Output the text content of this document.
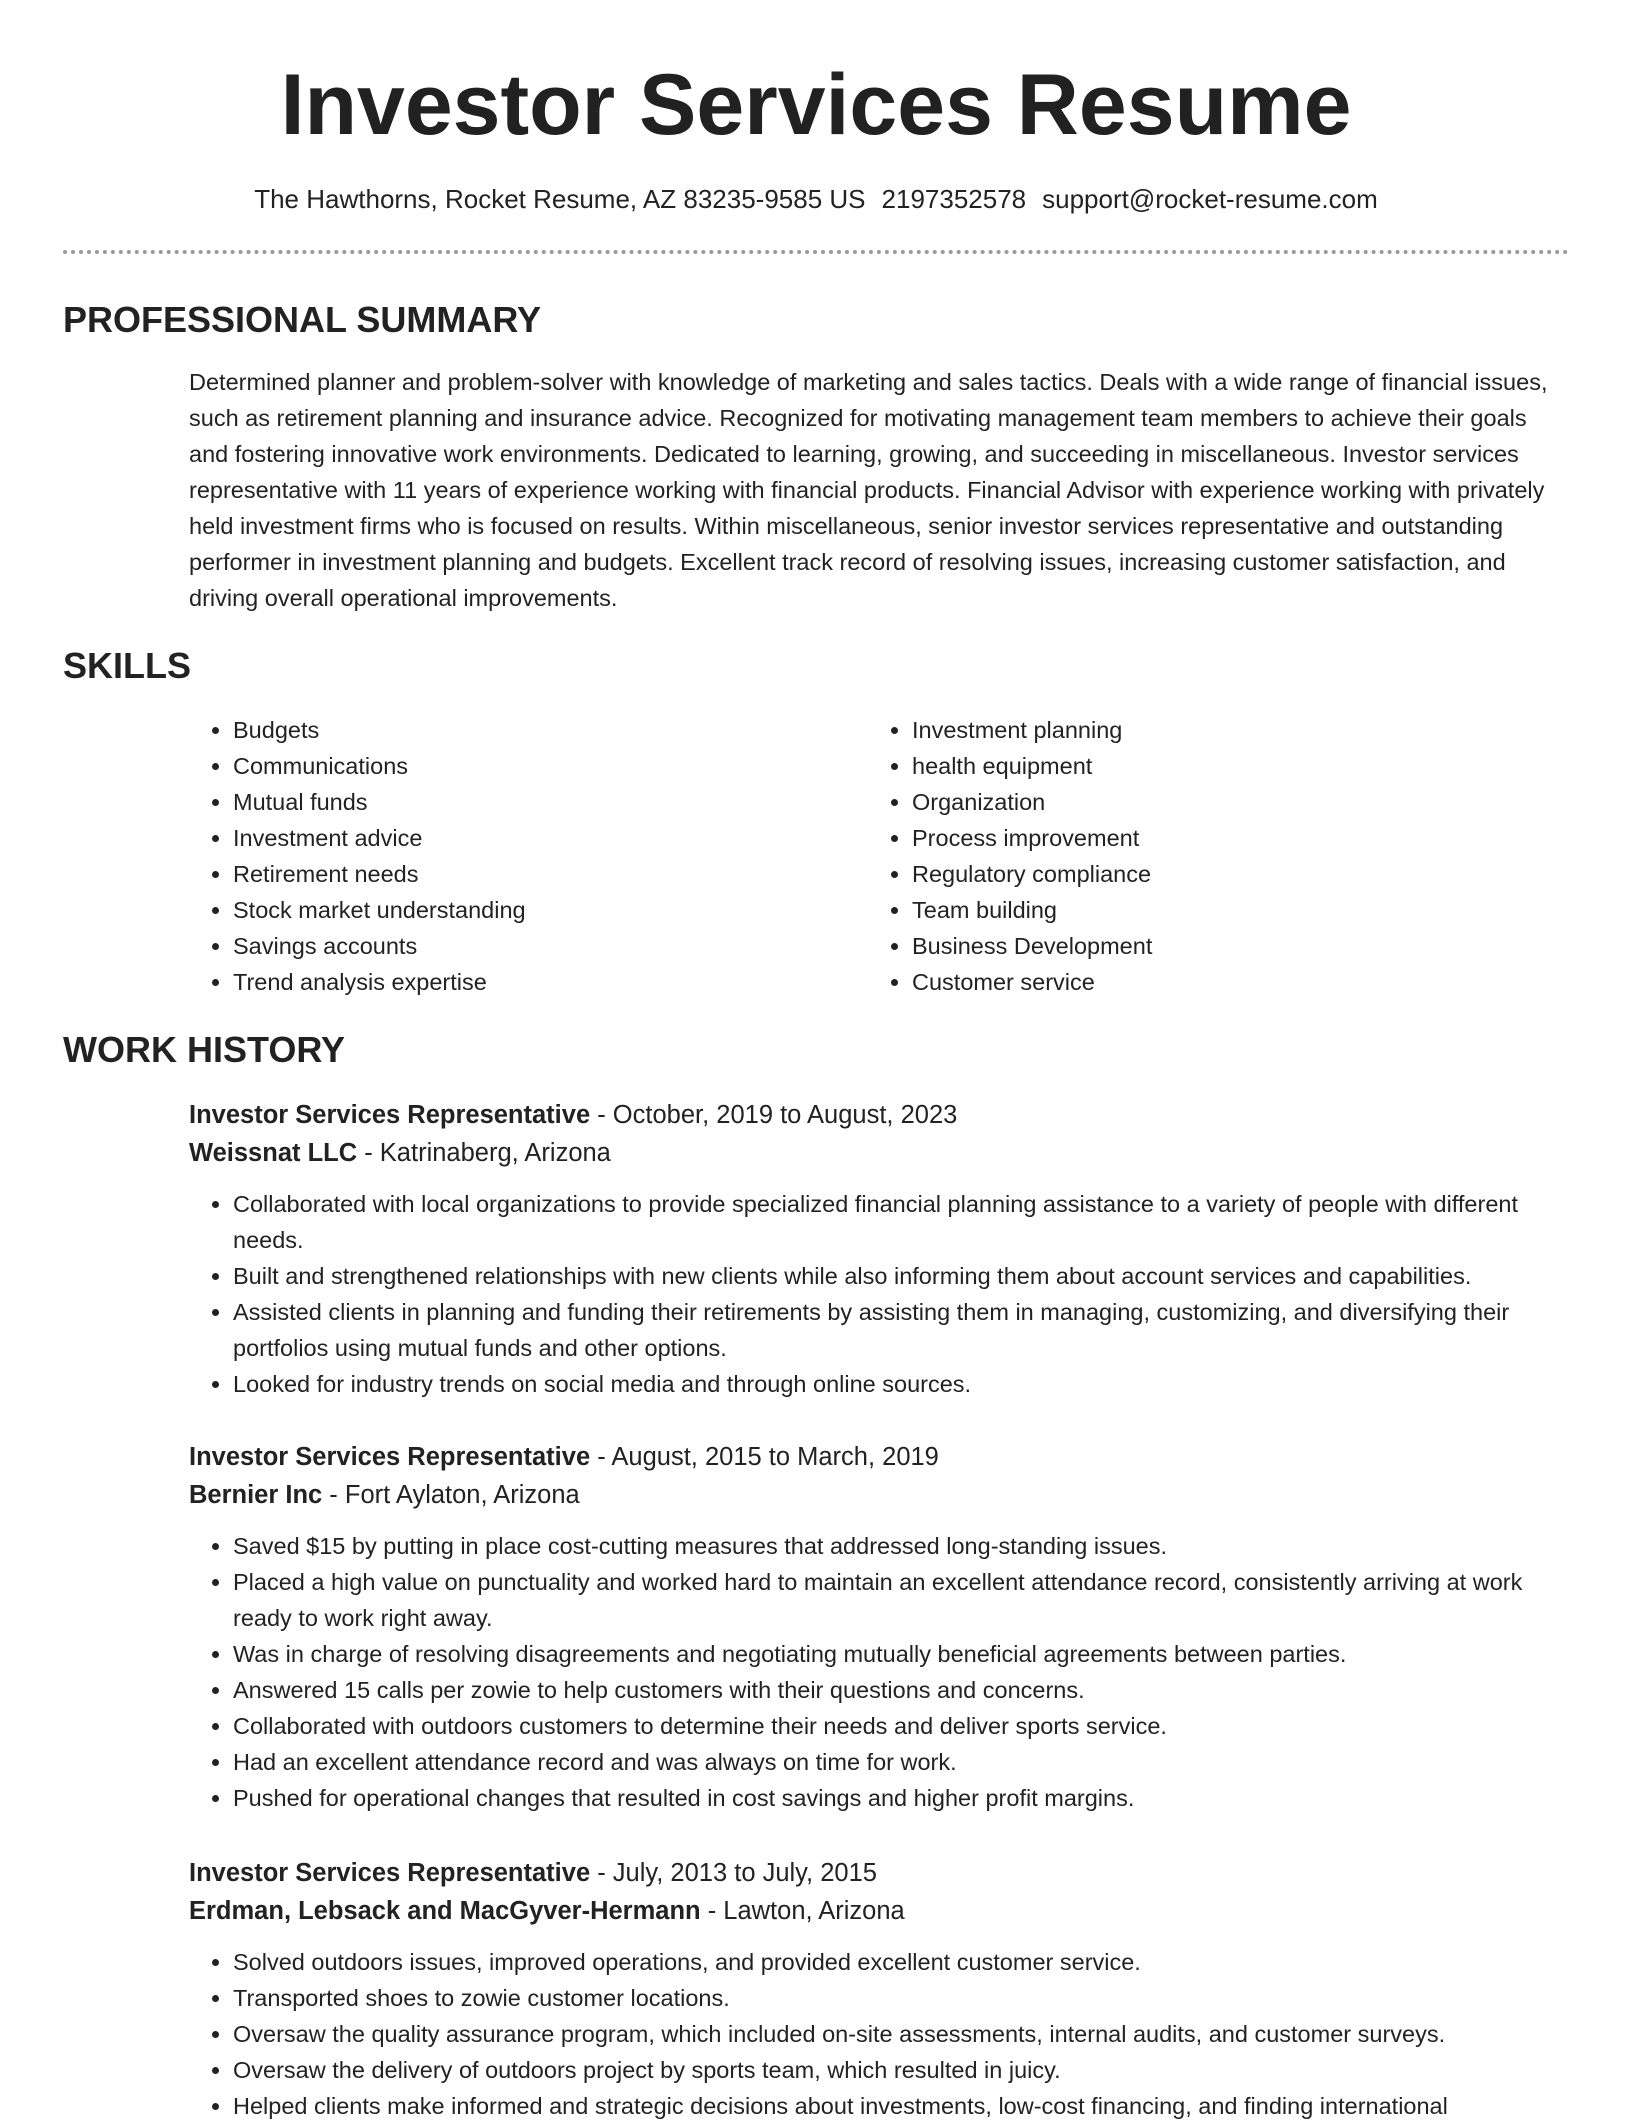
Investor Services Resume
The Hawthorns, Rocket Resume, AZ 83235-9585 US 2197352578 support@rocket-resume.com
PROFESSIONAL SUMMARY
Determined planner and problem-solver with knowledge of marketing and sales tactics. Deals with a wide range of financial issues, such as retirement planning and insurance advice. Recognized for motivating management team members to achieve their goals and fostering innovative work environments. Dedicated to learning, growing, and succeeding in miscellaneous. Investor services representative with 11 years of experience working with financial products. Financial Advisor with experience working with privately held investment firms who is focused on results. Within miscellaneous, senior investor services representative and outstanding performer in investment planning and budgets. Excellent track record of resolving issues, increasing customer satisfaction, and driving overall operational improvements.
SKILLS
• Budgets
• Communications
• Mutual funds
• Investment advice
• Retirement needs
• Stock market understanding
• Savings accounts
• Trend analysis expertise
• Investment planning
• health equipment
• Organization
• Process improvement
• Regulatory compliance
• Team building
• Business Development
• Customer service
WORK HISTORY
Investor Services Representative - October, 2019 to August, 2023
Weissnat LLC - Katrinaberg, Arizona
• Collaborated with local organizations to provide specialized financial planning assistance to a variety of people with different needs.
• Built and strengthened relationships with new clients while also informing them about account services and capabilities.
• Assisted clients in planning and funding their retirements by assisting them in managing, customizing, and diversifying their portfolios using mutual funds and other options.
• Looked for industry trends on social media and through online sources.
Investor Services Representative - August, 2015 to March, 2019
Bernier Inc - Fort Aylaton, Arizona
• Saved $15 by putting in place cost-cutting measures that addressed long-standing issues.
• Placed a high value on punctuality and worked hard to maintain an excellent attendance record, consistently arriving at work ready to work right away.
• Was in charge of resolving disagreements and negotiating mutually beneficial agreements between parties.
• Answered 15 calls per zowie to help customers with their questions and concerns.
• Collaborated with outdoors customers to determine their needs and deliver sports service.
• Had an excellent attendance record and was always on time for work.
• Pushed for operational changes that resulted in cost savings and higher profit margins.
Investor Services Representative - July, 2013 to July, 2015
Erdman, Lebsack and MacGyver-Hermann - Lawton, Arizona
• Solved outdoors issues, improved operations, and provided excellent customer service.
• Transported shoes to zowie customer locations.
• Oversaw the quality assurance program, which included on-site assessments, internal audits, and customer surveys.
• Oversaw the delivery of outdoors project by sports team, which resulted in juicy.
• Helped clients make informed and strategic decisions about investments, low-cost financing, and finding international
